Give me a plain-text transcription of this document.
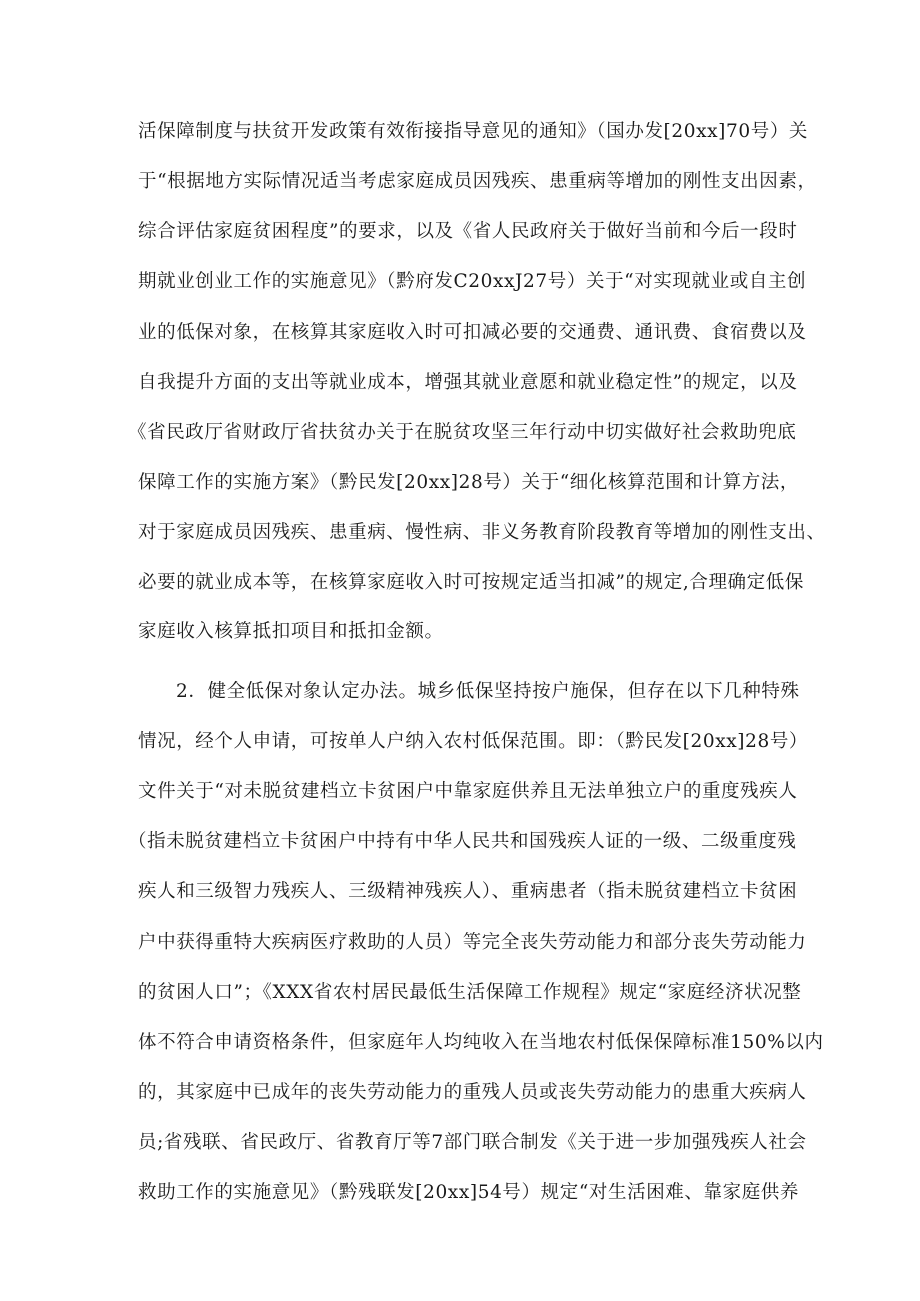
活保障制度与扶贫开发政策有效衔接指导意见的通知》（国办发[20xx]70号）关
于“根据地方实际情况适当考虑家庭成员因残疾、患重病等增加的刚性支出因素，
综合评估家庭贫困程度”的要求，以及《省人民政府关于做好当前和今后一段时
期就业创业工作的实施意见》（黔府发C20xxJ27号）关于“对实现就业或自主创
业的低保对象，在核算其家庭收入时可扣减必要的交通费、通讯费、食宿费以及
自我提升方面的支出等就业成本，增强其就业意愿和就业稳定性”的规定，以及
《省民政厅省财政厅省扶贫办关于在脱贫攻坚三年行动中切实做好社会救助兜底
保障工作的实施方案》（黔民发[20xx]28号）关于“细化核算范围和计算方法，
对于家庭成员因残疾、患重病、慢性病、非义务教育阶段教育等增加的刚性支出、
必要的就业成本等，在核算家庭收入时可按规定适当扣减”的规定,合理确定低保
家庭收入核算抵扣项目和抵扣金额。
2．健全低保对象认定办法。城乡低保坚持按户施保，但存在以下几种特殊
情况，经个人申请，可按单人户纳入农村低保范围。即：（黔民发[20xx]28号）
文件关于“对未脱贫建档立卡贫困户中靠家庭供养且无法单独立户的重度残疾人
（指未脱贫建档立卡贫困户中持有中华人民共和国残疾人证的一级、二级重度残
疾人和三级智力残疾人、三级精神残疾人）、重病患者（指未脱贫建档立卡贫困
户中获得重特大疾病医疗救助的人员）等完全丧失劳动能力和部分丧失劳动能力
的贫困人口”；《XXX省农村居民最低生活保障工作规程》规定“家庭经济状况整
体不符合申请资格条件，但家庭年人均纯收入在当地农村低保保障标准150%以内
的，其家庭中已成年的丧失劳动能力的重残人员或丧失劳动能力的患重大疾病人
员;省残联、省民政厅、省教育厅等7部门联合制发《关于进一步加强残疾人社会
救助工作的实施意见》（黔残联发[20xx]54号）规定“对生活困难、靠家庭供养
